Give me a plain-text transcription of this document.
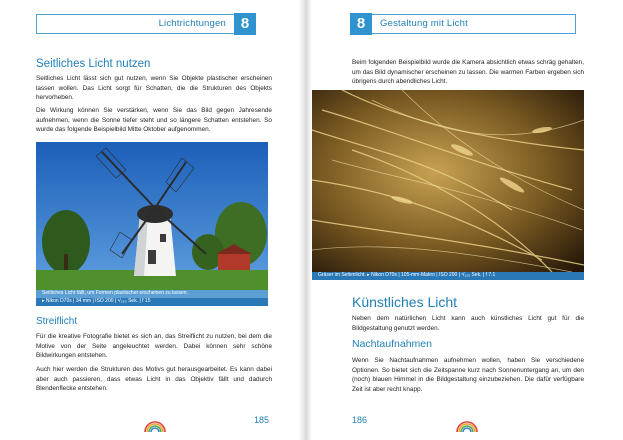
Lichtrichtungen 8
Seitliches Licht nutzen

Seitliches Licht lässt sich gut nutzen, wenn Sie Objekte plastischer erscheinen lassen wollen. Das Licht sorgt für Schatten, die die Strukturen des Objekts hervorheben.

Die Wirkung können Sie verstärken, wenn Sie das Bild gegen Jahresende aufnehmen, wenn die Sonne tiefer steht und so längere Schatten entstehen. So wurde das folgende Beispielbild Mitte Oktober aufgenommen.

Seitliches Licht fällt, um Formen plastischer erscheinen zu lassen.
▸ Nikon D70s | 34 mm | ISO 200 | ¹/₂₅₀ Sek. | f 15
Streiflicht

Für die kreative Fotografie bietet es sich an, das Streiflicht zu nutzen, bei dem die Motive von der Seite angeleuchtet werden. Dabei können sehr schöne Bildwirkungen entstehen.

Auch hier werden die Strukturen des Motivs gut herausgearbeitet. Es kann dabei aber auch passieren, dass etwas Licht in das Objektiv fällt und dadurch Blendenflecke entstehen.

185
8	Gestaltung mit Licht

Beim folgenden Beispielbild wurde die Kamera absichtlich etwas schräg gehalten, um das Bild dynamischer erscheinen zu lassen. Die warmen Farben ergeben sich übrigens durch abendliches Licht.

Gräser im Seitenlicht. ▸ Nikon D70s | 105-mm-Makro | ISO 200 | ¹/₁₂₅ Sek. | f 7.1
Künstliches Licht

Neben dem natürlichen Licht kann auch künstliches Licht gut für die Bildgestaltung genutzt werden.

Nachtaufnahmen

Wenn Sie Nachtaufnahmen aufnehmen wollen, haben Sie verschiedene Optionen. So bietet sich die Zeitspanne kurz nach Sonnenuntergang an, um den (noch) blauen Himmel in die Bildgestaltung einzubeziehen. Die dafür verfügbare Zeit ist aber recht knapp.

186
